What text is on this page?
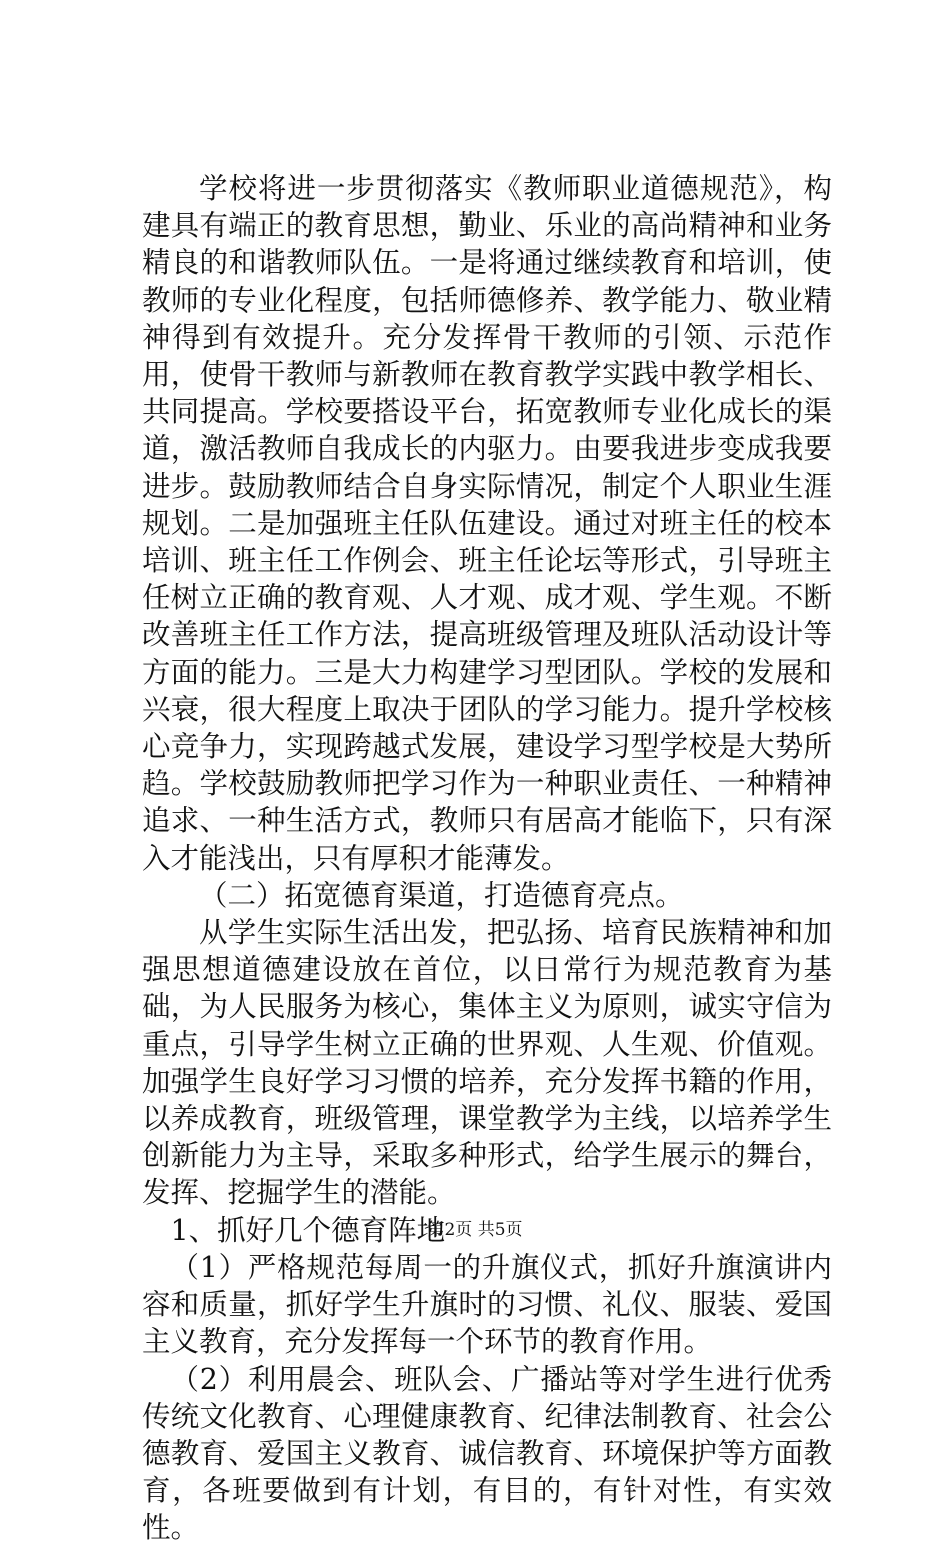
学校将进一步贯彻落实《教师职业道德规范》，构建具有端正的教育思想，勤业、乐业的高尚精神和业务精良的和谐教师队伍。一是将通过继续教育和培训，使教师的专业化程度，包括师德修养、教学能力、敬业精神得到有效提升。充分发挥骨干教师的引领、示范作用，使骨干教师与新教师在教育教学实践中教学相长、共同提高。学校要搭设平台，拓宽教师专业化成长的渠道，激活教师自我成长的内驱力。由要我进步变成我要进步。鼓励教师结合自身实际情况，制定个人职业生涯规划。二是加强班主任队伍建设。通过对班主任的校本培训、班主任工作例会、班主任论坛等形式，引导班主任树立正确的教育观、人才观、成才观、学生观。不断改善班主任工作方法，提高班级管理及班队活动设计等方面的能力。三是大力构建学习型团队。学校的发展和兴衰，很大程度上取决于团队的学习能力。提升学校核心竞争力，实现跨越式发展，建设学习型学校是大势所趋。学校鼓励教师把学习作为一种职业责任、一种精神追求、一种生活方式，教师只有居高才能临下，只有深入才能浅出，只有厚积才能薄发。

（二）拓宽德育渠道，打造德育亮点。

从学生实际生活出发，把弘扬、培育民族精神和加强思想道德建设放在首位，以日常行为规范教育为基础，为人民服务为核心，集体主义为原则，诚实守信为重点，引导学生树立正确的世界观、人生观、价值观。加强学生良好学习习惯的培养，充分发挥书籍的作用，以养成教育，班级管理，课堂教学为主线，以培养学生创新能力为主导，采取多种形式，给学生展示的舞台，发挥、挖掘学生的潜能。

1、抓好几个德育阵地

（1）严格规范每周一的升旗仪式，抓好升旗演讲内容和质量，抓好学生升旗时的习惯、礼仪、服装、爱国主义教育，充分发挥每一个环节的教育作用。

（2）利用晨会、班队会、广播站等对学生进行优秀传统文化教育、心理健康教育、纪律法制教育、社会公德教育、爱国主义教育、诚信教育、环境保护等方面教育，各班要做到有计划，有目的，有针对性，有实效性。

第2页 共5页
